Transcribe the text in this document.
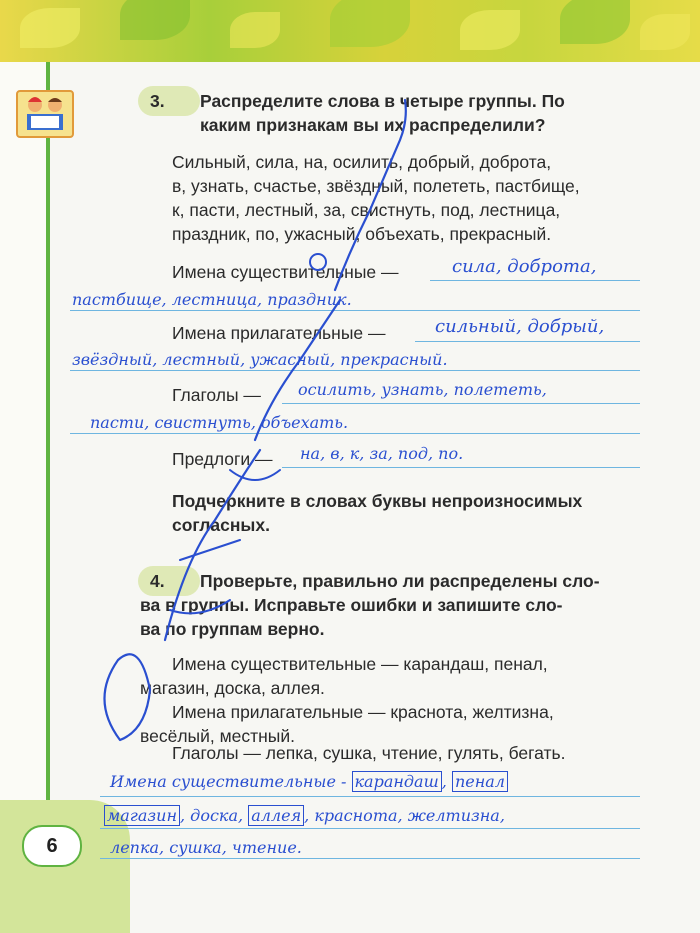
6
3. Распределите слова в четыре группы. По
каким признакам вы их распределили?
Сильный, сила, на, осилить, добрый, доброта,
в, узнать, счастье, звёздный, полететь, пастбище,
к, пасти, лестный, за, свистнуть, под, лестница,
праздник, по, ужасный, объехать, прекрасный.
Имена существительные —	сила, доброта,
пастбище, лестница, праздник.
Имена прилагательные —	сильный, добрый,
звёздный, лестный, ужасный, прекрасный.
Глаголы — осилить, узнать, полететь,
пасти, свистнуть, объехать.
Предлоги — на, в, к, за, под, по.
Подчеркните в словах буквы непроизносимых
согласных.
4. Проверьте, правильно ли распределены сло-
ва в группы. Исправьте ошибки и запишите сло-
ва по группам верно.
Имена существительные — карандаш, пенал,
магазин, доска, аллея.
Имена прилагательные — краснота, желтизна,
весёлый, местный.
Глаголы — лепка, сушка, чтение, гулять, бегать.
Имена существительные - карандаш , пенал
магазин , доска, аллея , краснота, желтизна,
лепка, сушка, чтение.
